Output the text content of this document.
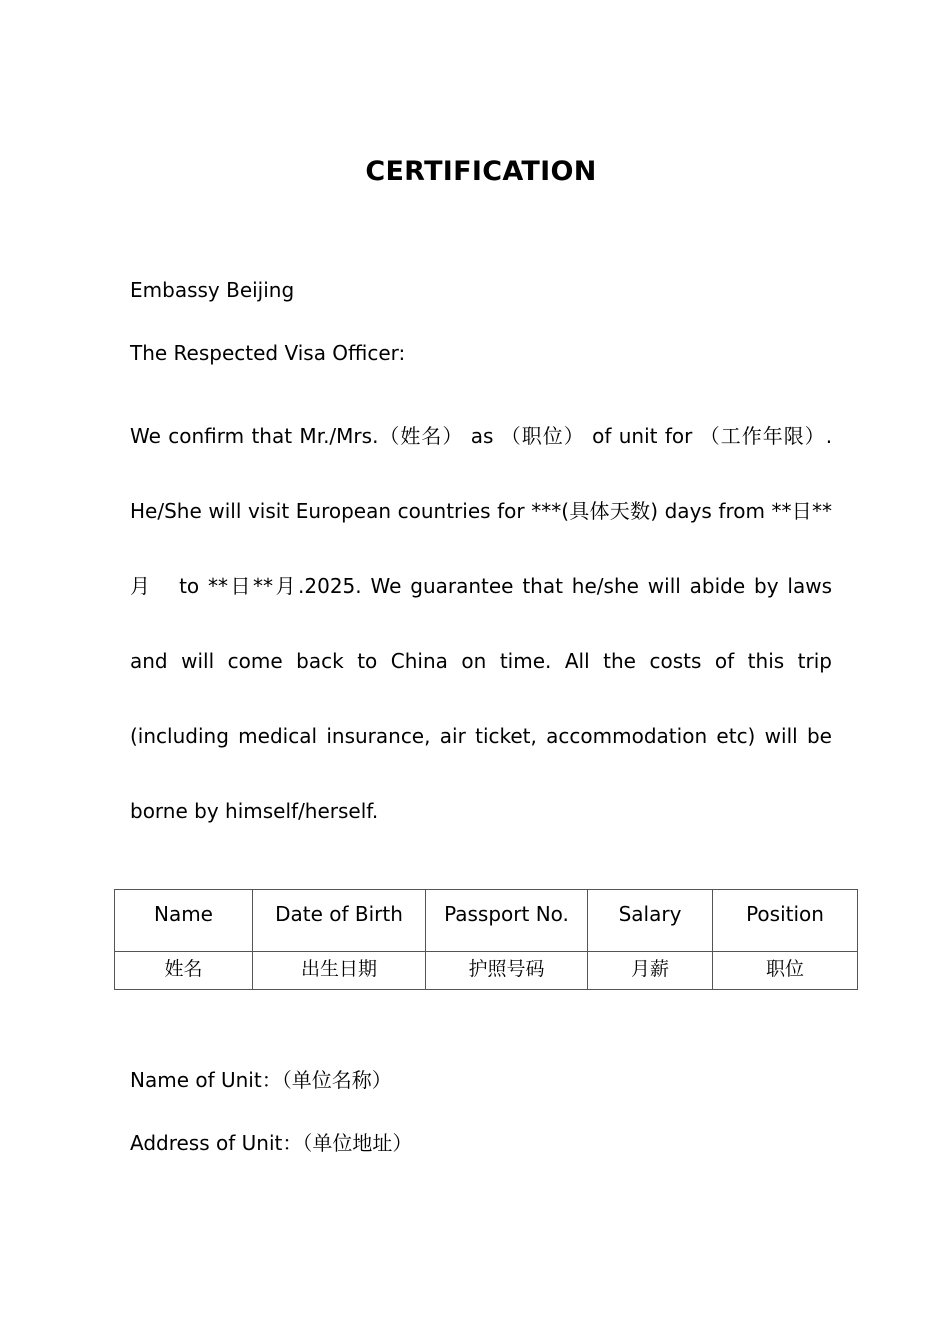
CERTIFICATION
Embassy Beijing
The Respected Visa Officer:
We confirm that Mr./Mrs.（姓名） as （职位） of unit for （工作年限）. He/She will visit European countries for ***(具体天数) days from **日**月   to **日**月.2025. We guarantee that he/she will abide by laws and will come back to China on time. All the costs of this trip (including medical insurance, air ticket, accommodation etc) will be borne by himself/herself.
Name	Date of Birth	Passport No.	Salary	Position
姓名	出生日期	护照号码	月薪	职位
Name of Unit：（单位名称）
Address of Unit：（单位地址）
